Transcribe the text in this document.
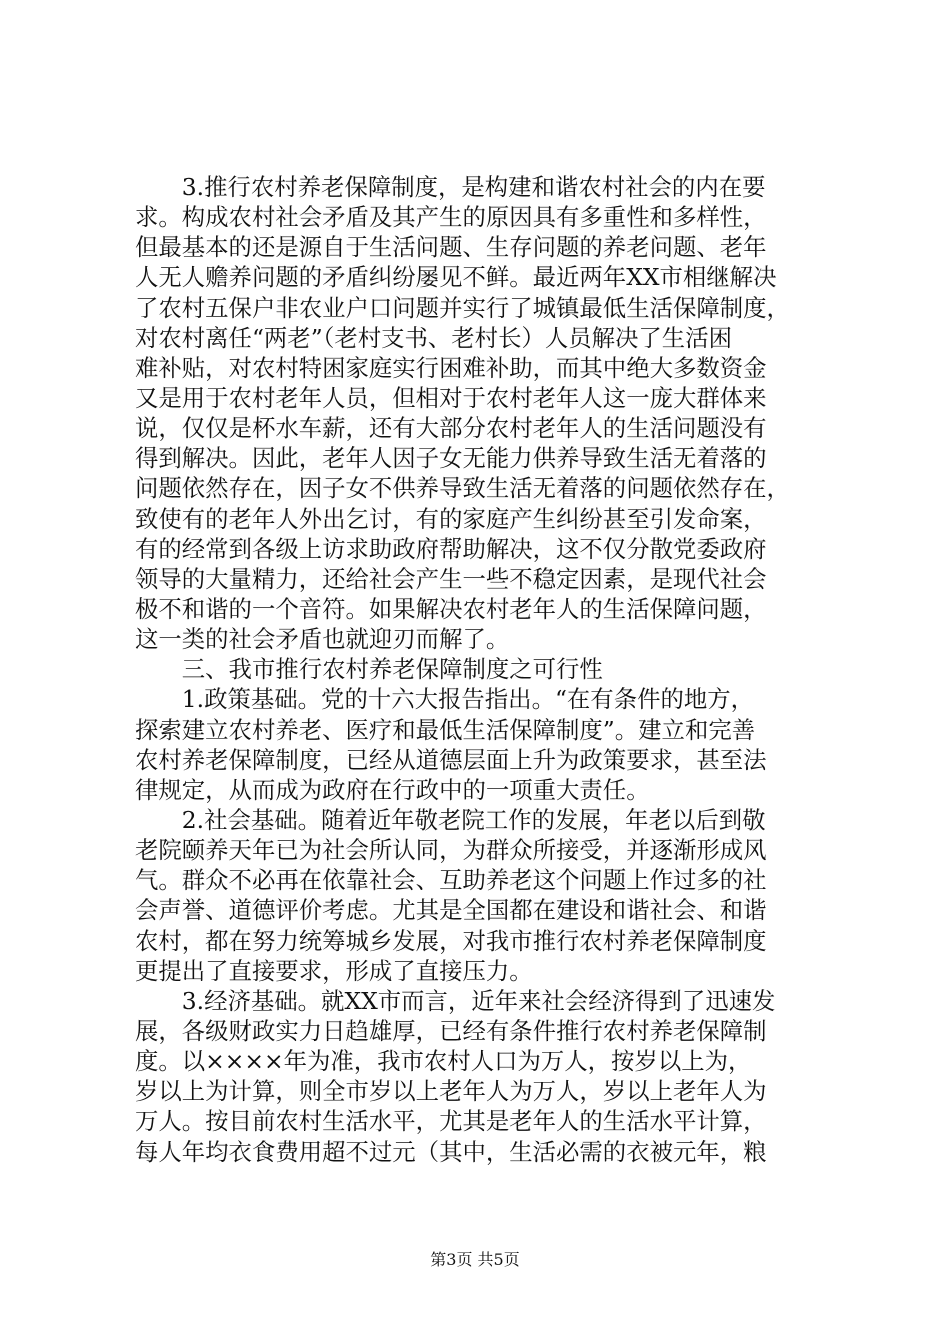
　　3.推行农村养老保障制度，是构建和谐农村社会的内在要
求。构成农村社会矛盾及其产生的原因具有多重性和多样性，
但最基本的还是源自于生活问题、生存问题的养老问题、老年
人无人赡养问题的矛盾纠纷屡见不鲜。最近两年XX市相继解决
了农村五保户非农业户口问题并实行了城镇最低生活保障制度，
对农村离任“两老”（老村支书、老村长）人员解决了生活困
难补贴，对农村特困家庭实行困难补助，而其中绝大多数资金
又是用于农村老年人员，但相对于农村老年人这一庞大群体来
说，仅仅是杯水车薪，还有大部分农村老年人的生活问题没有
得到解决。因此，老年人因子女无能力供养导致生活无着落的
问题依然存在，因子女不供养导致生活无着落的问题依然存在，
致使有的老年人外出乞讨，有的家庭产生纠纷甚至引发命案，
有的经常到各级上访求助政府帮助解决，这不仅分散党委政府
领导的大量精力，还给社会产生一些不稳定因素，是现代社会
极不和谐的一个音符。如果解决农村老年人的生活保障问题，
这一类的社会矛盾也就迎刃而解了。
　　三、我市推行农村养老保障制度之可行性
　　1.政策基础。党的十六大报告指出。“在有条件的地方，
探索建立农村养老、医疗和最低生活保障制度”。建立和完善
农村养老保障制度，已经从道德层面上升为政策要求，甚至法
律规定，从而成为政府在行政中的一项重大责任。
　　2.社会基础。随着近年敬老院工作的发展，年老以后到敬
老院颐养天年已为社会所认同，为群众所接受，并逐渐形成风
气。群众不必再在依靠社会、互助养老这个问题上作过多的社
会声誉、道德评价考虑。尤其是全国都在建设和谐社会、和谐
农村，都在努力统筹城乡发展，对我市推行农村养老保障制度
更提出了直接要求，形成了直接压力。
　　3.经济基础。就XX市而言，近年来社会经济得到了迅速发
展，各级财政实力日趋雄厚，已经有条件推行农村养老保障制
度。以××××年为准，我市农村人口为万人，按岁以上为，
岁以上为计算，则全市岁以上老年人为万人，岁以上老年人为
万人。按目前农村生活水平，尤其是老年人的生活水平计算，
每人年均衣食费用超不过元（其中，生活必需的衣被元年，粮
第3页 共5页
